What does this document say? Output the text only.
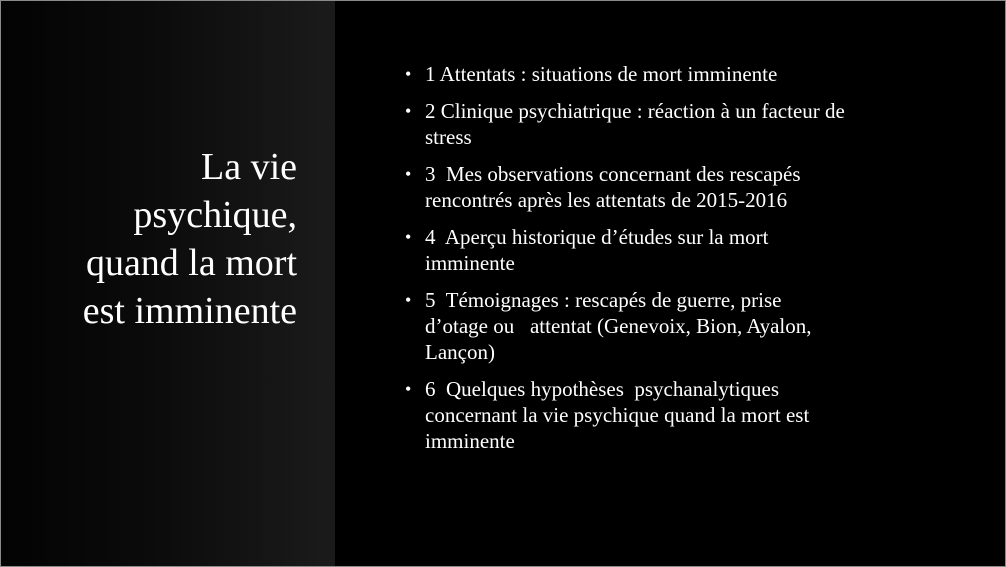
La vie
psychique,
quand la mort
est imminente
• 1 Attentats : situations de mort imminente
• 2 Clinique psychiatrique : réaction à un facteur de
stress
• 3  Mes observations concernant des rescapés
rencontrés après les attentats de 2015-2016
• 4  Aperçu historique d’études sur la mort
imminente
• 5  Témoignages : rescapés de guerre, prise
d’otage ou   attentat (Genevoix, Bion, Ayalon,
Lançon)
• 6  Quelques hypothèses  psychanalytiques
concernant la vie psychique quand la mort est
imminente
